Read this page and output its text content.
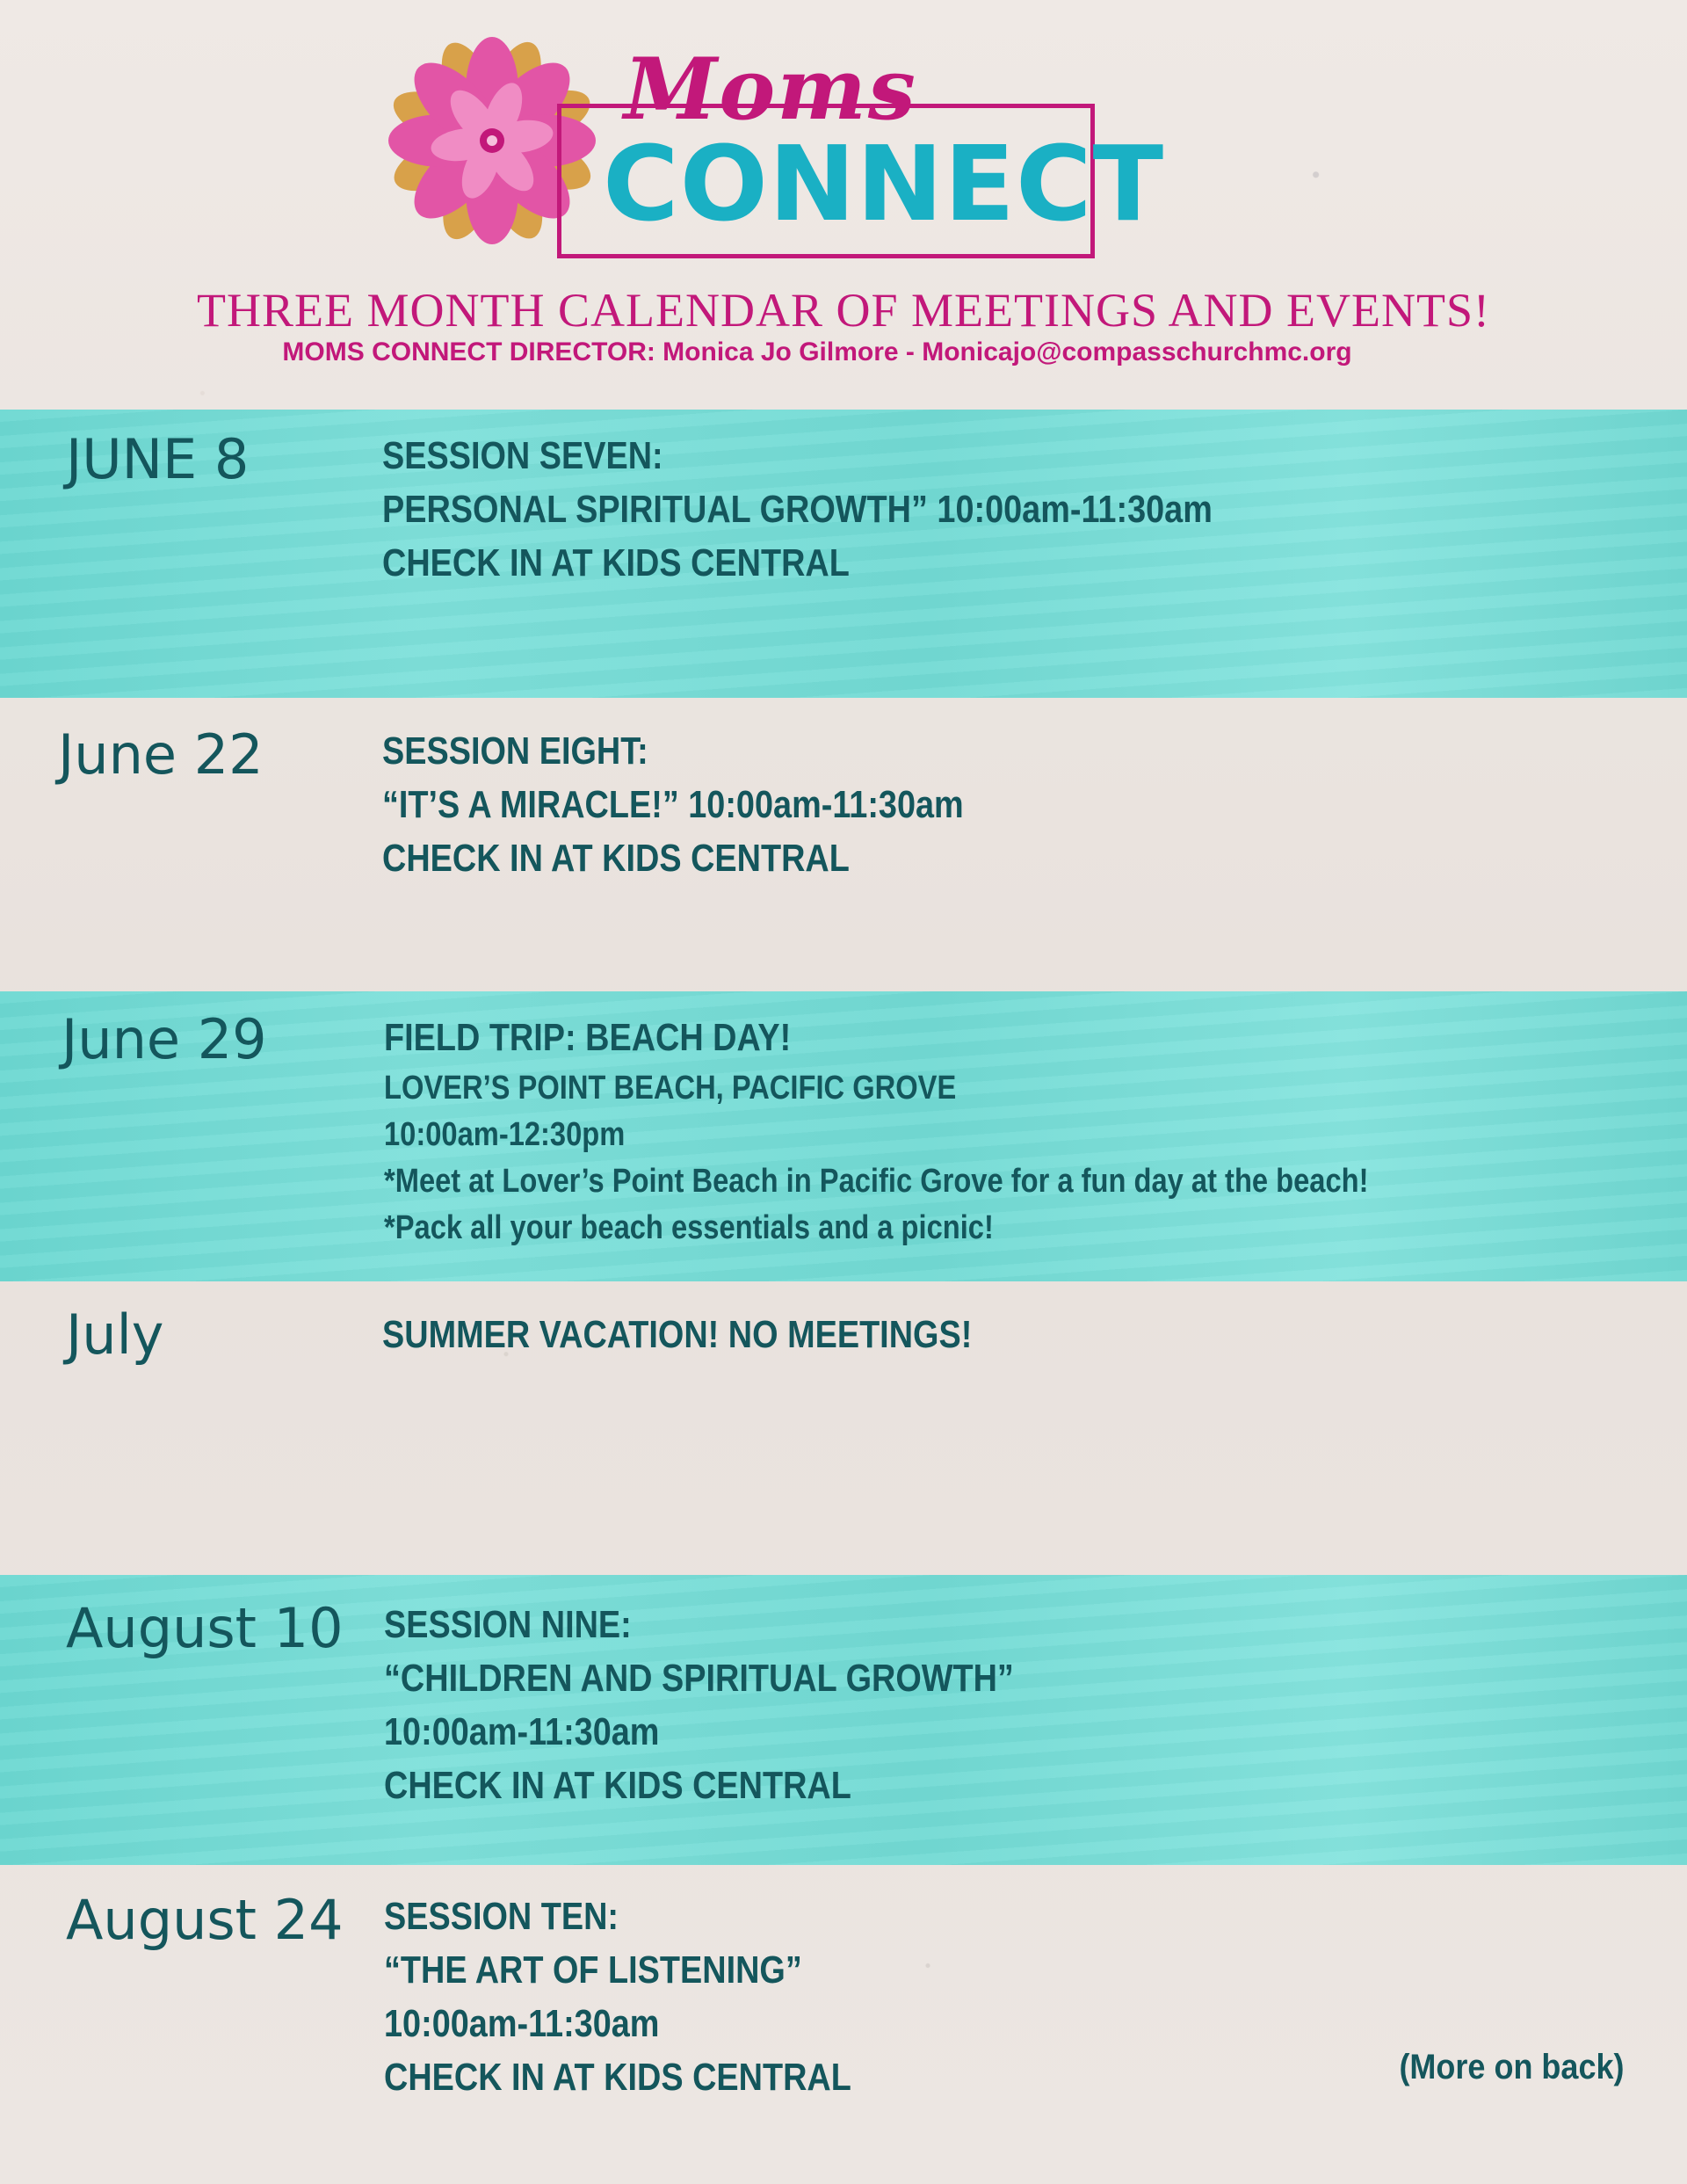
Moms
CONNECT
THREE MONTH CALENDAR OF MEETINGS AND EVENTS!
MOMS CONNECT DIRECTOR: Monica Jo Gilmore - Monicajo@compasschurchmc.org
JUNE 8	SESSION SEVEN:
PERSONAL SPIRITUAL GROWTH” 10:00am-11:30am
CHECK IN AT KIDS CENTRAL
June 22	SESSION EIGHT:
“IT’S A MIRACLE!” 10:00am-11:30am
CHECK IN AT KIDS CENTRAL
June 29	FIELD TRIP: BEACH DAY!
LOVER’S POINT BEACH, PACIFIC GROVE
10:00am-12:30pm
*Meet at Lover’s Point Beach in Pacific Grove for a fun day at the beach!
*Pack all your beach essentials and a picnic!
July	SUMMER VACATION! NO MEETINGS!
August 10 SESSION NINE:
“CHILDREN AND SPIRITUAL GROWTH”
10:00am-11:30am
CHECK IN AT KIDS CENTRAL
August 24 SESSION TEN:
“THE ART OF LISTENING”
10:00am-11:30am
CHECK IN AT KIDS CENTRAL	(More on back)
